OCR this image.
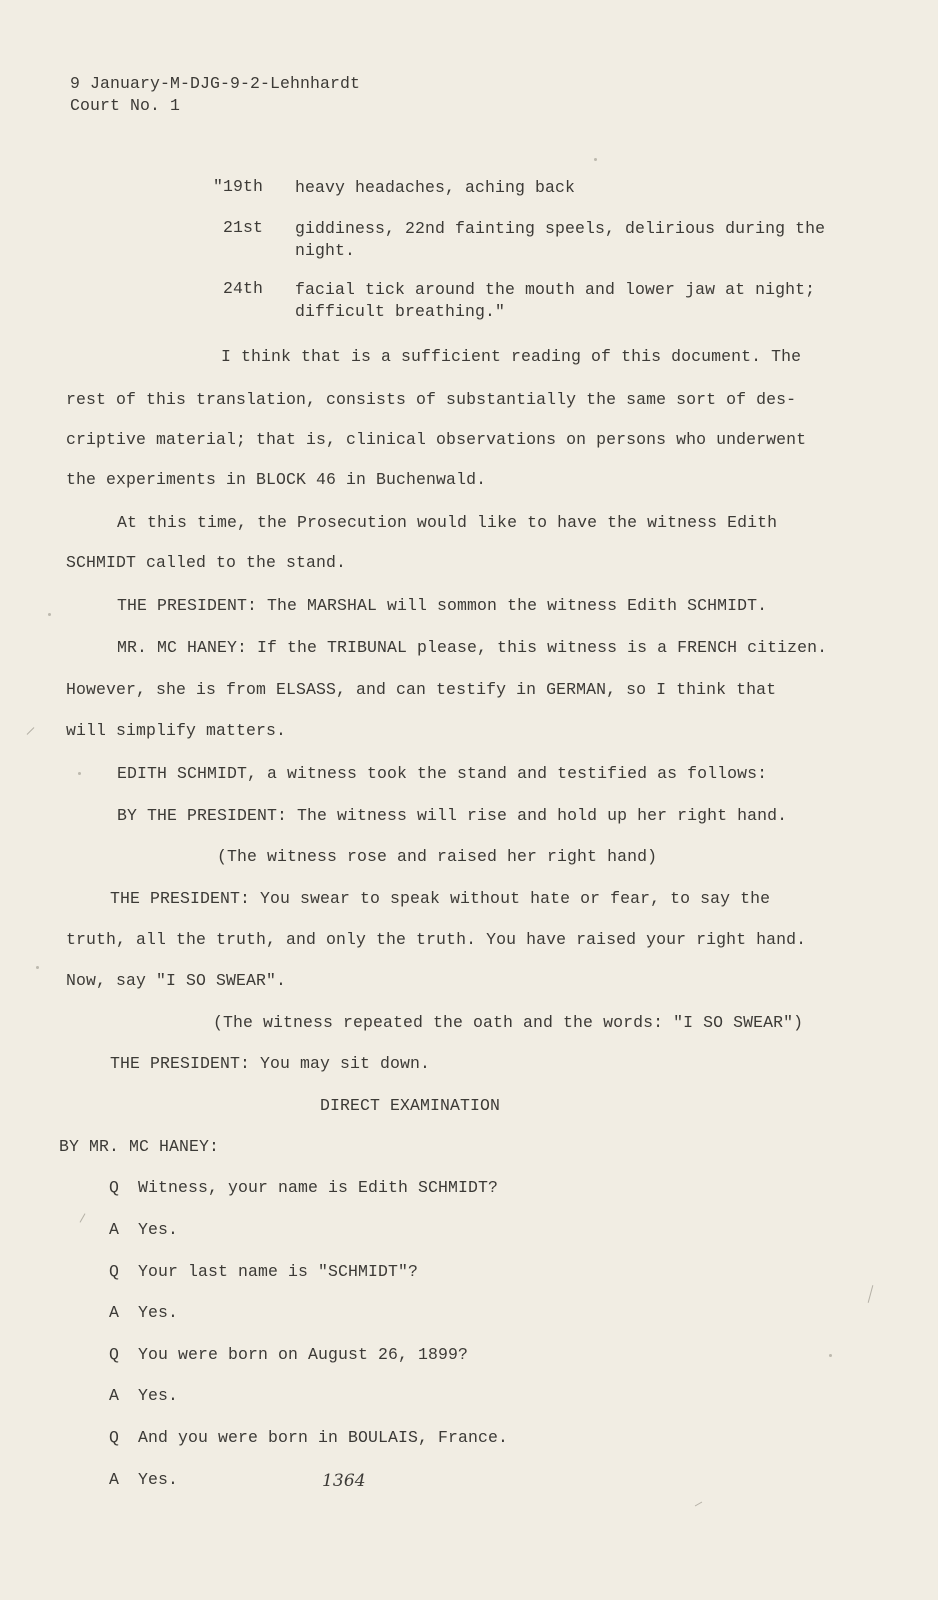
9 January-M-DJG-9-2-Lehnhardt
Court No. 1
"19th heavy headaches, aching back
21st giddiness, 22nd fainting speels, delirious during the night.
24th facial tick around the mouth and lower jaw at night; difficult breathing."
I think that is a sufficient reading of this document. The
rest of this translation, consists of substantially the same sort of des-
criptive material; that is, clinical observations on persons who underwent
the experiments in BLOCK 46 in Buchenwald.
At this time, the Prosecution would like to have the witness Edith
SCHMIDT called to the stand.
THE PRESIDENT: The MARSHAL will sommon the witness Edith SCHMIDT.
MR. MC HANEY: If the TRIBUNAL please, this witness is a FRENCH citizen.
However, she is from ELSASS, and can testify in GERMAN, so I think that
will simplify matters.
EDITH SCHMIDT, a witness took the stand and testified as follows:
BY THE PRESIDENT: The witness will rise and hold up her right hand.
(The witness rose and raised her right hand)
THE PRESIDENT: You swear to speak without hate or fear, to say the
truth, all the truth, and only the truth. You have raised your right hand.
Now, say "I SO SWEAR".
(The witness repeated the oath and the words: "I SO SWEAR")
THE PRESIDENT: You may sit down.
DIRECT EXAMINATION
BY MR. MC HANEY:
Q Witness, your name is Edith SCHMIDT?
A Yes.
Q Your last name is "SCHMIDT"?
A Yes.
Q You were born on August 26, 1899?
A Yes.
Q And you were born in BOULAIS, France.
A Yes.	1364
